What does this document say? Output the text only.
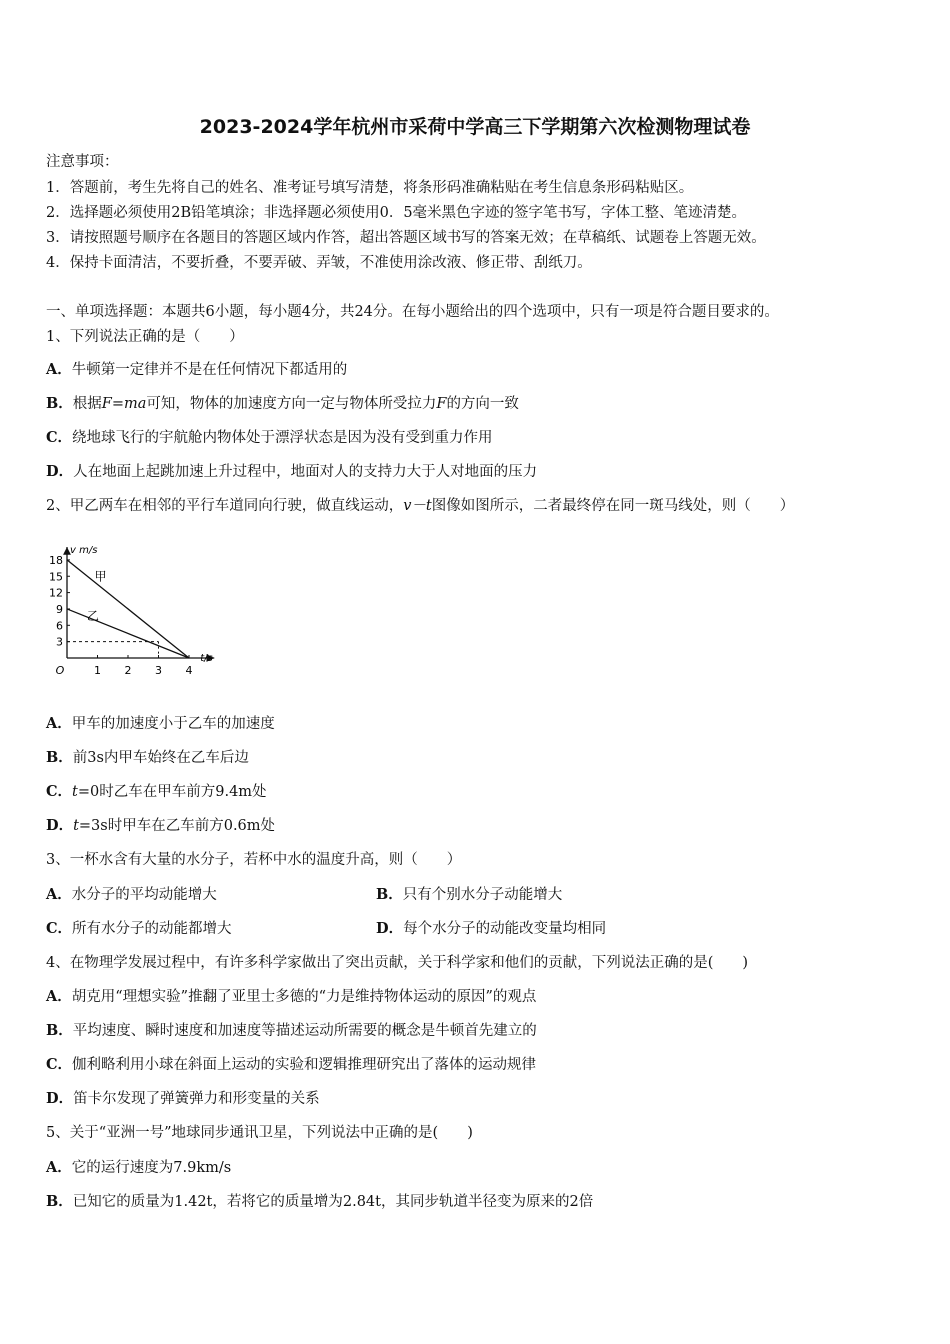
2023-2024学年杭州市采荷中学高三下学期第六次检测物理试卷
注意事项：
1．答题前，考生先将自己的姓名、准考证号填写清楚，将条形码准确粘贴在考生信息条形码粘贴区。
2．选择题必须使用2B铅笔填涂；非选择题必须使用0．5毫米黑色字迹的签字笔书写，字体工整、笔迹清楚。
3．请按照题号顺序在各题目的答题区域内作答，超出答题区域书写的答案无效；在草稿纸、试题卷上答题无效。
4．保持卡面清洁，不要折叠，不要弄破、弄皱，不准使用涂改液、修正带、刮纸刀。
一、单项选择题：本题共6小题，每小题4分，共24分。在每小题给出的四个选项中，只有一项是符合题目要求的。
1、下列说法正确的是（　　）
A．牛顿第一定律并不是在任何情况下都适用的
B．根据F=ma可知，物体的加速度方向一定与物体所受拉力F的方向一致
C．绕地球飞行的宇航舱内物体处于漂浮状态是因为没有受到重力作用
D．人在地面上起跳加速上升过程中，地面对人的支持力大于人对地面的压力
2、甲乙两车在相邻的平行车道同向行驶，做直线运动，v－t图像如图所示，二者最终停在同一斑马线处，则（　　）
v m/s
t/s
O	1 2 3 4
3
6
9
12
15
18
甲
乙
A．甲车的加速度小于乙车的加速度
B．前3s内甲车始终在乙车后边
C．t=0时乙车在甲车前方9.4m处
D．t=3s时甲车在乙车前方0.6m处
3、一杯水含有大量的水分子，若杯中水的温度升高，则（　　）
A．水分子的平均动能增大	B．只有个别水分子动能增大
C．所有水分子的动能都增大	D．每个水分子的动能改变量均相同
4、在物理学发展过程中，有许多科学家做出了突出贡献，关于科学家和他们的贡献，下列说法正确的是(　　)
A．胡克用“理想实验”推翻了亚里士多德的“力是维持物体运动的原因”的观点
B．平均速度、瞬时速度和加速度等描述运动所需要的概念是牛顿首先建立的
C．伽利略利用小球在斜面上运动的实验和逻辑推理研究出了落体的运动规律
D．笛卡尔发现了弹簧弹力和形变量的关系
5、关于“亚洲一号”地球同步通讯卫星，下列说法中正确的是(　　)
A．它的运行速度为7.9km/s
B．已知它的质量为1.42t，若将它的质量增为2.84t，其同步轨道半径变为原来的2倍
